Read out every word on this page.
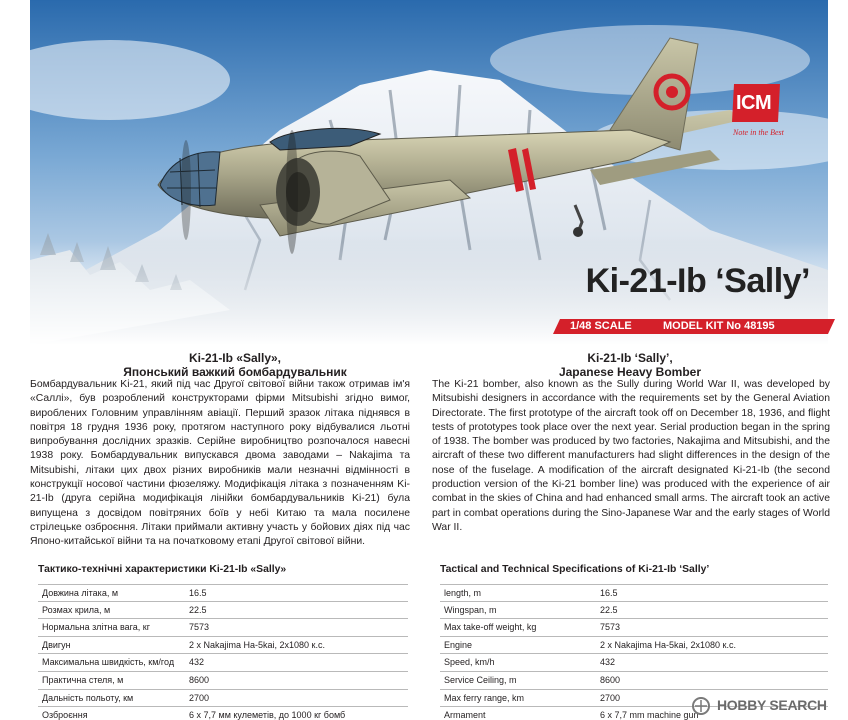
ICM
Note in the Best
Ki-21-Ib ‘Sally’
1/48 SCALE	MODEL KIT No 48195
Ki-21-Ib «Sally»,
Японський важкий бомбардувальник
Бомбардувальник Ki-21, який під час Другої світової війни також отримав ім'я «Саллі», був розроблений конструкторами фірми Mitsubishi згідно вимог, вироблених Головним управлінням авіації. Перший зразок літака піднявся в повітря 18 грудня 1936 року, протягом наступного року відбувалися льотні випробування дослідних зразків. Серійне виробництво розпочалося навесні 1938 року. Бомбардувальник випускався двома заводами – Nakajima та Mitsubishi, літаки цих двох різних виробників мали незначні відмінності в конструкції носової частини фюзеляжу. Модифікація літака з позначенням Ki-21-Ib (друга серійна модифікація лінійки бомбардувальників Ki-21) була випущена з досвідом повітряних боїв у небі Китаю та мала посилене стрілецьке озброєння. Літаки приймали активну участь у бойових діях під час Японо-китайської війни та на початковому етапі Другої світової війни.
Ki-21-Ib ‘Sally’,
Japanese Heavy Bomber
The Ki-21 bomber, also known as the Sully during World War II, was developed by Mitsubishi designers in accordance with the requirements set by the General Aviation Directorate. The first prototype of the aircraft took off on December 18, 1936, and flight tests of prototypes took place over the next year. Serial production began in the spring of 1938. The bomber was produced by two factories, Nakajima and Mitsubishi, and the aircraft of these two different manufacturers had slight differences in the design of the nose of the fuselage. A modification of the aircraft designated Ki-21-Ib (the second production version of the Ki-21 bomber line) was produced with the experience of air combat in the skies of China and had enhanced small arms. The aircraft took an active part in combat operations during the Sino-Japanese War and the early stages of World War II.
Тактико-технічні характеристики Ki-21-Ib «Sally»
Довжина літака, м	16.5
Розмах крила, м	22.5
Нормальна злітна вага, кг	7573
Двигун	2 x Nakajima Ha-5kai, 2x1080 к.с.
Максимальна швидкість, км/год 432
Практична стеля, м	8600
Дальність польоту, км	2700
Озброєння	6 x 7,7 мм кулеметів, до 1000 кг бомб
Tactical and Technical Specifications of Ki-21-Ib ‘Sally’
length, m	16.5
Wingspan, m	22.5
Max take-off weight, kg	7573
Engine	2 x Nakajima Ha-5kai, 2x1080 к.с.
Speed, km/h	432
Service Ceiling, m	8600
Max ferry range, km	2700
Armament	6 x 7,7 mm machine gun
HOBBY SEARCH
